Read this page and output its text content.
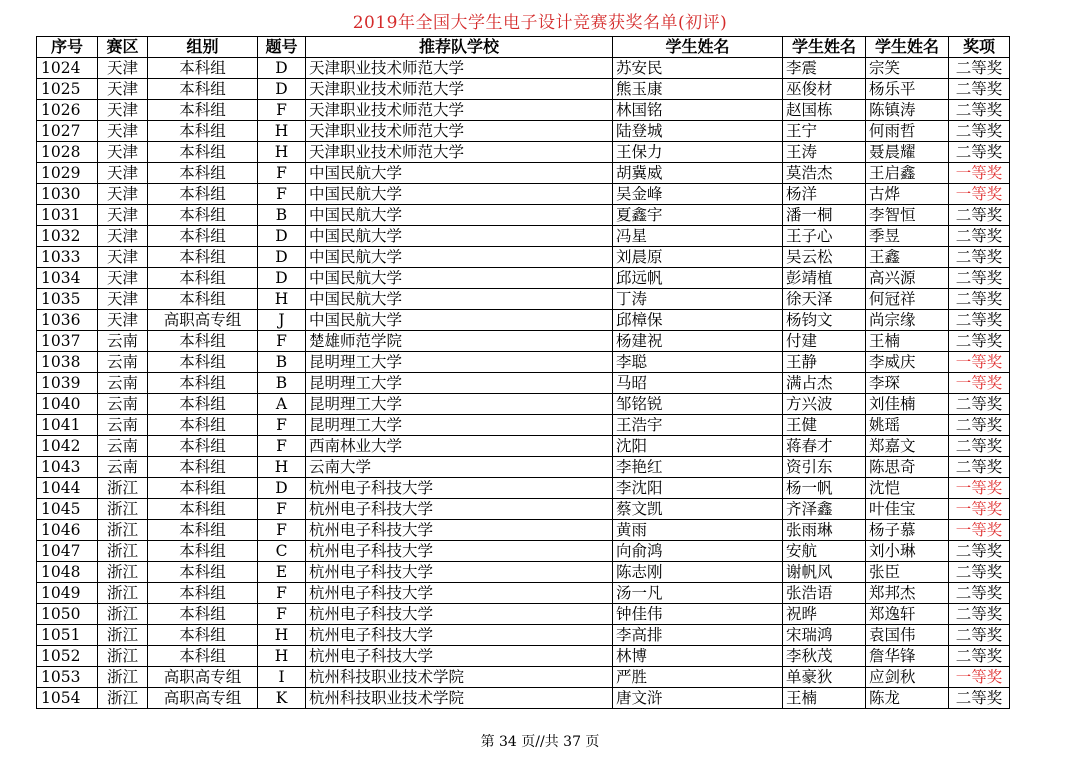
2019年全国大学生电子设计竞赛获奖名单(初评)
序号	赛区	组别	题号	推荐队学校	学生姓名	学生姓名	学生姓名	奖项
1024	天津	本科组	D	天津职业技术师范大学	苏安民	李震	宗笑	二等奖
1025	天津	本科组	D	天津职业技术师范大学	熊玉康	巫俊材	杨乐平	二等奖
1026	天津	本科组	F	天津职业技术师范大学	林国铭	赵国栋	陈镇涛	二等奖
1027	天津	本科组	H	天津职业技术师范大学	陆登城	王宁	何雨哲	二等奖
1028	天津	本科组	H	天津职业技术师范大学	王保力	王涛	聂晨耀	二等奖
1029	天津	本科组	F	中国民航大学	胡冀威	莫浩杰	王启鑫	一等奖
1030	天津	本科组	F	中国民航大学	吴金峰	杨洋	古烨	一等奖
1031	天津	本科组	B	中国民航大学	夏鑫宇	潘一桐	李智恒	二等奖
1032	天津	本科组	D	中国民航大学	冯星	王子心	季昱	二等奖
1033	天津	本科组	D	中国民航大学	刘晨原	吴云松	王鑫	二等奖
1034	天津	本科组	D	中国民航大学	邱远帆	彭靖植	高兴源	二等奖
1035	天津	本科组	H	中国民航大学	丁涛	徐天泽	何冠祥	二等奖
1036	天津	高职高专组	J	中国民航大学	邱樟保	杨钧文	尚宗缘	二等奖
1037	云南	本科组	F	楚雄师范学院	杨建祝	付建	王楠	二等奖
1038	云南	本科组	B	昆明理工大学	李聪	王静	李威庆	一等奖
1039	云南	本科组	B	昆明理工大学	马昭	满占杰	李琛	一等奖
1040	云南	本科组	A	昆明理工大学	邹铭锐	方兴波	刘佳楠	二等奖
1041	云南	本科组	F	昆明理工大学	王浩宇	王健	姚瑶	二等奖
1042	云南	本科组	F	西南林业大学	沈阳	蒋春才	郑嘉文	二等奖
1043	云南	本科组	H	云南大学	李艳红	资引东	陈思奇	二等奖
1044	浙江	本科组	D	杭州电子科技大学	李沈阳	杨一帆	沈恺	一等奖
1045	浙江	本科组	F	杭州电子科技大学	蔡文凯	齐泽鑫	叶佳宝	一等奖
1046	浙江	本科组	F	杭州电子科技大学	黄雨	张雨琳	杨子慕	一等奖
1047	浙江	本科组	C	杭州电子科技大学	向俞鸿	安航	刘小琳	二等奖
1048	浙江	本科组	E	杭州电子科技大学	陈志刚	谢帆风	张臣	二等奖
1049	浙江	本科组	F	杭州电子科技大学	汤一凡	张浩语	郑邦杰	二等奖
1050	浙江	本科组	F	杭州电子科技大学	钟佳伟	祝晔	郑逸轩	二等奖
1051	浙江	本科组	H	杭州电子科技大学	李高排	宋瑞鸿	袁国伟	二等奖
1052	浙江	本科组	H	杭州电子科技大学	林博	李秋茂	詹华锋	二等奖
1053	浙江	高职高专组	I	杭州科技职业技术学院	严胜	单豪狄	应剑秋	一等奖
1054	浙江	高职高专组	K	杭州科技职业技术学院	唐文浒	王楠	陈龙	二等奖
第 34 页//共 37 页
